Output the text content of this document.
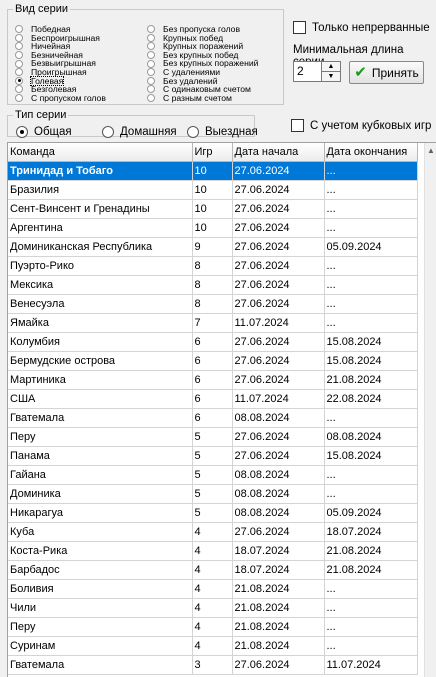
Вид серии
Победная
Беспроигрышная
Ничейная
Безничейная
Безвыигрышная
Проигрышная
Голевая
Безголевая
С пропуском голов
Без пропуска голов
Крупных побед
Крупных поражений
Без крупных побед
Без крупных поражений
С удалениями
Без удалений
С одинаковым счетом
С разным счетом
Только непрерванные
Минимальная длина
2	▲
▼	✔ Принять
Тип серии
Общая	Домашняя Выездная
С учетом кубковых игр
Команда	Игр	Дата начала	Дата окончания
Тринидад и Тобаго	10	27.06.2024	...
Бразилия	10	27.06.2024	...
Сент-Винсент и Гренадины	10	27.06.2024	...
Аргентина	10	27.06.2024	...
Доминиканская Республика	9	27.06.2024	05.09.2024
Пуэрто-Рико	8	27.06.2024	...
Мексика	8	27.06.2024	...
Венесуэла	8	27.06.2024	...
Ямайка	7	11.07.2024	...
Колумбия	6	27.06.2024	15.08.2024
Бермудские острова	6	27.06.2024	15.08.2024
Мартиника	6	27.06.2024	21.08.2024
США	6	11.07.2024	22.08.2024
Гватемала	6	08.08.2024	...
Перу	5	27.06.2024	08.08.2024
Панама	5	27.06.2024	15.08.2024
Гайана	5	08.08.2024	...
Доминика	5	08.08.2024	...
Никарагуа	5	08.08.2024	05.09.2024
Куба	4	27.06.2024	18.07.2024
Коста-Рика	4	18.07.2024	21.08.2024
Барбадос	4	18.07.2024	21.08.2024
Боливия	4	21.08.2024	...
Чили	4	21.08.2024	...
Перу	4	21.08.2024	...
Суринам	4	21.08.2024	...
Гватемала	3	27.06.2024	11.07.2024
▲
